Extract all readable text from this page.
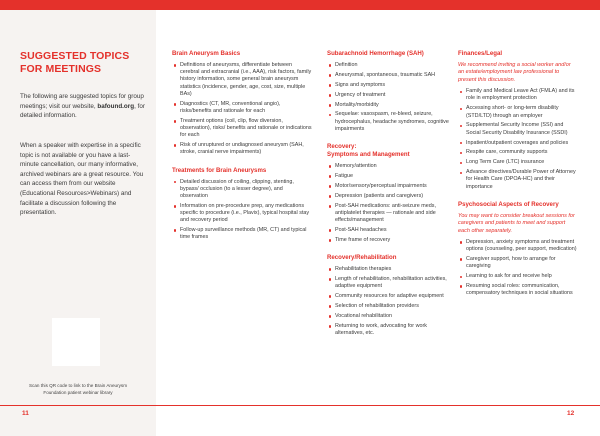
SUGGESTED TOPICS
FOR MEETINGS
The following are suggested topics for group meetings; visit our website, bafound.org, for detailed information.
When a speaker with expertise in a specific topic is not available or you have a last-minute cancellation, our many informative, archived webinars are a great resource. You can access them from our website (Educational Resources>Webinars) and facilitate a discussion following the presentation.
Scan this QR code to link to the Brain Aneurysm Foundation patient webinar library
Brain Aneurysm Basics
Definitions of aneurysms, differentiate between cerebral and extracranial (i.e., AAA), risk factors, family history information, some general brain aneurysm statistics (incidence, gender, age, cost, size, multiple BAs)
Diagnostics (CT, MR, conventional angio), risks/benefits and rationale for each
Treatment options (coil, clip, flow diversion, observation), risks/ benefits and rationale or indications for each
Risk of unruptured or undiagnosed aneurysm (SAH, stroke, cranial nerve impairments)
Treatments for Brain Aneurysms
Detailed discussion of coiling, clipping, stenting, bypass/ occlusion (to a lesser degree), and observation
Information on pre-procedure prep, any medications specific to procedure (i.e., Plavix), typical hospital stay and recovery period
Follow-up surveillance methods (MR, CT) and typical time frames
Subarachnoid Hemorrhage (SAH)
Definition
Aneurysmal, spontaneous, traumatic SAH
Signs and symptoms
Urgency of treatment
Mortality/morbidity
Sequelae: vasospasm, re-bleed, seizure, hydrocephalus, headache syndromes, cognitive impairments
Recovery:
Symptoms and Management
Memory/attention
Fatigue
Motor/sensory/perceptual impairments
Depression (patients and caregivers)
Post-SAH medications: anti-seizure meds, antiplatelet therapies — rationale and side effects/management
Post-SAH headaches
Time frame of recovery
Recovery/Rehabilitation
Rehabilitation therapies
Length of rehabilitation, rehabilitation activities, adaptive equipment
Community resources for adaptive equipment
Selection of rehabilitation providers
Vocational rehabilitation
Returning to work, advocating for work alternatives, etc.
Finances/Legal
We recommend inviting a social worker and/or an estate/employment law professional to present this discussion.
Family and Medical Leave Act (FMLA) and its role in employment protection
Accessing short- or long-term disability (STD/LTD) through an employer
Supplemental Security Income (SSI) and Social Security Disability Insurance (SSDI)
Inpatient/outpatient coverages and policies
Respite care, community supports
Long Term Care (LTC) insurance
Advance directives/Durable Power of Attorney for Health Care (DPOA-HC) and their importance
Psychosocial Aspects of Recovery
You may want to consider breakout sessions for caregivers and patients to meet and support each other separately.
Depression, anxiety symptoms and treatment options (counseling, peer support, medication)
Caregiver support, how to arrange for caregiving
Learning to ask for and receive help
Resuming social roles: communication, compensatory techniques in social situations
11	12
